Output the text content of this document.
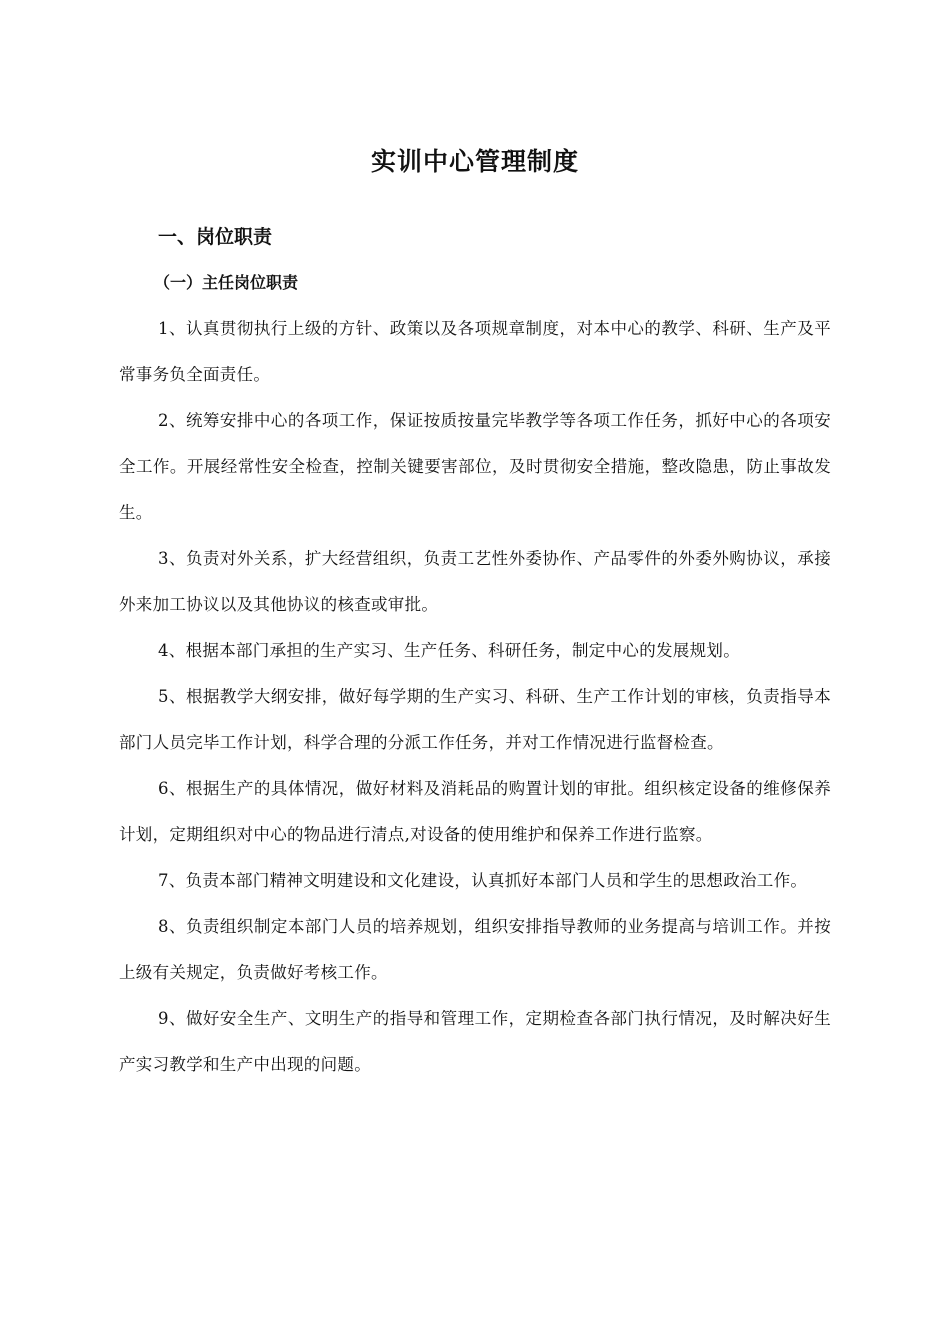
实训中心管理制度
一、岗位职责
（一）主任岗位职责

1、认真贯彻执行上级的方针、政策以及各项规章制度，对本中心的教学、科研、生产及平常事务负全面责任。

2、统筹安排中心的各项工作，保证按质按量完毕教学等各项工作任务，抓好中心的各项安全工作。开展经常性安全检查，控制关键要害部位，及时贯彻安全措施，整改隐患，防止事故发生。

3、负责对外关系，扩大经营组织，负责工艺性外委协作、产品零件的外委外购协议，承接外来加工协议以及其他协议的核查或审批。

4、根据本部门承担的生产实习、生产任务、科研任务，制定中心的发展规划。

5、根据教学大纲安排，做好每学期的生产实习、科研、生产工作计划的审核，负责指导本部门人员完毕工作计划，科学合理的分派工作任务，并对工作情况进行监督检查。

6、根据生产的具体情况，做好材料及消耗品的购置计划的审批。组织核定设备的维修保养计划，定期组织对中心的物品进行清点,对设备的使用维护和保养工作进行监察。

7、负责本部门精神文明建设和文化建设，认真抓好本部门人员和学生的思想政治工作。

8、负责组织制定本部门人员的培养规划，组织安排指导教师的业务提高与培训工作。并按上级有关规定，负责做好考核工作。

9、做好安全生产、文明生产的指导和管理工作，定期检查各部门执行情况，及时解决好生产实习教学和生产中出现的问题。
